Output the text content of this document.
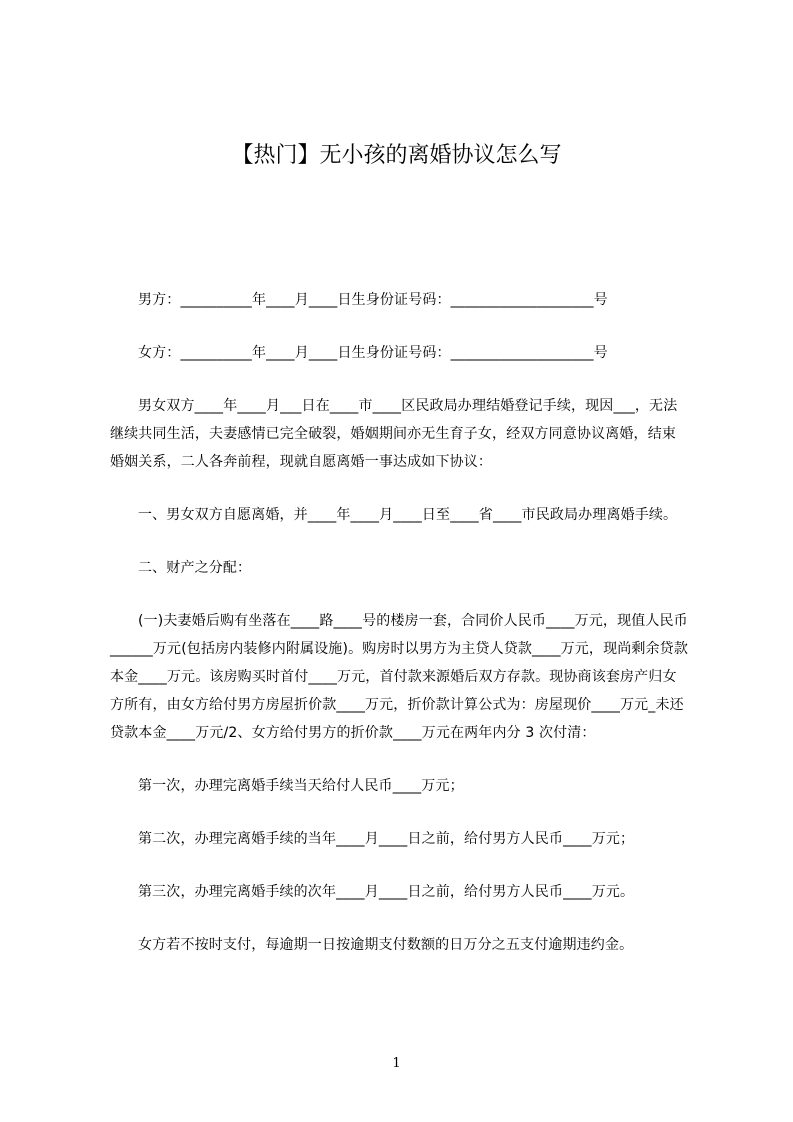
【热门】无小孩的离婚协议怎么写

男方：__________年____月____日生身份证号码：____________________号

女方：__________年____月____日生身份证号码：____________________号

男女双方____年____月___日在____市____区民政局办理结婚登记手续，现因___，无法继续共同生活，夫妻感情已完全破裂，婚姻期间亦无生育子女，经双方同意协议离婚，结束婚姻关系，二人各奔前程，现就自愿离婚一事达成如下协议：

一、男女双方自愿离婚，并____年____月____日至____省____市民政局办理离婚手续。

二、财产之分配：

(一)夫妻婚后购有坐落在____路____号的楼房一套，合同价人民币____万元，现值人民币______万元(包括房内装修内附属设施)。购房时以男方为主贷人贷款____万元，现尚剩余贷款本金____万元。该房购买时首付____万元，首付款来源婚后双方存款。现协商该套房产归女方所有，由女方给付男方房屋折价款____万元，折价款计算公式为：房屋现价____万元_未还贷款本金____万元/2、女方给付男方的折价款____万元在两年内分 3 次付清：

第一次，办理完离婚手续当天给付人民币____万元；

第二次，办理完离婚手续的当年____月____日之前，给付男方人民币____万元；

第三次，办理完离婚手续的次年____月____日之前，给付男方人民币____万元。

女方若不按时支付，每逾期一日按逾期支付数额的日万分之五支付逾期违约金。

1
